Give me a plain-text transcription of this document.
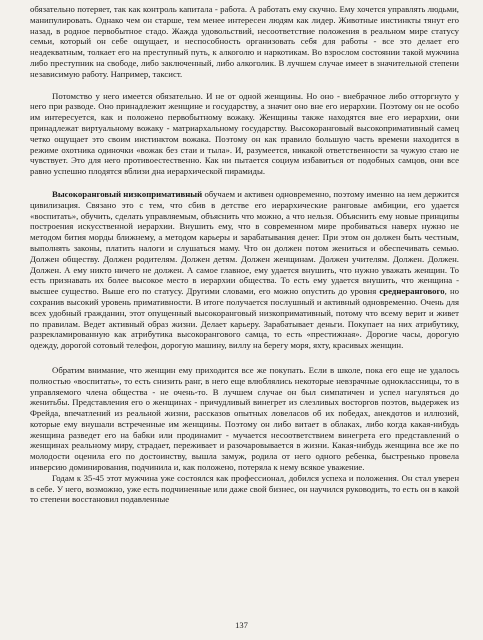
обязательно потеряет, так как контроль капитала - работа. А работать ему скучно. Ему хочется управлять людьми, манипулировать. Однако чем он старше, тем менее интересен людям как лидер. Животные инстинкты тянут его назад, в родное первобытное стадо. Жажда удовольствий, несоответствие положения в реальном мире статусу семьи, который он себе ощущает, и неспособность организовать себя для работы - все это делает его неадекватным, толкает его на преступный путь, к алкоголю и наркотикам. Во взрослом состоянии такой мужчина либо преступник на свободе, либо заключенный, либо алкоголик. В лучшем случае имеет в значительной степени независимую работу. Например, таксист.

Потомство у него имеется обязательно. И не от одной женщины. Но оно - внебрачное либо отторгнуто у него при разводе. Оно принадлежит женщине и государству, а значит оно вне его иерархии. Поэтому он не особо им интересуется, как и положено первобытному вожаку. Женщины также находятся вне его иерархии, они принадлежат виртуальному вожаку - матриархальному государству. Высокоранговый высокопримативный самец четко ощущает это своим инстинктом вожака. Поэтому он как правило большую часть времени находится в режиме охотника одиночки «вожак без стаи и тыла». И, разумеется, никакой ответственности за чужую стаю не чувствует. Это для него противоестественно. Как ни пытается социум избавиться от подобных самцов, они все равно успешно плодятся вблизи дна иерархической пирамиды.

Высокоранговый низкопримативный обучаем и активен одновременно, поэтому именно на нем держится цивилизация. Связано это с тем, что сбив в детстве его иерархические ранговые амбиции, его удается «воспитать», обучить, сделать управляемым, объяснить что можно, а что нельзя. Объяснить ему новые принципы построения искусственной иерархии. Внушить ему, что в современном мире пробиваться наверх нужно не методом бития морды ближнему, а методом карьеры и зарабатывания денег. При этом он должен быть честным, выполнять законы, платить налоги и слушаться маму. Что он должен потом жениться и обеспечивать семью. Должен обществу. Должен родителям. Должен детям. Должен женщинам. Должен учителям. Должен. Должен. Должен. А ему никто ничего не должен. А самое главное, ему удается внушить, что нужно уважать женщин. То есть признавать их более высокое место в иерархии общества. То есть ему удается внушить, что женщина - высшее существо. Выше его по статусу. Другими словами, его можно опустить до уровня среднерангового, но сохранив высокий уровень примативности. В итоге получается послушный и активный одновременно. Очень для всех удобный гражданин, этот опущенный высокоранговый низкопримативный, потому что всему верит и живет по правилам. Ведет активный образ жизни. Делает карьеру. Зарабатывает деньги. Покупает на них атрибутику, разрекламированную как атрибутика высокорангового самца, то есть «престижная». Дорогие часы, дорогую одежду, дорогой сотовый телефон, дорогую машину, виллу на берегу моря, яхту, красивых женщин.

Обратим внимание, что женщин ему приходится все же покупать. Если в школе, пока его еще не удалось полностью «воспитать», то есть снизить ранг, в него еще влюблялись некоторые невзрачные одноклассницы, то в управляемого члена общества - не очень-то. В лучшем случае он был симпатичен и успел нагуляться до женитьбы. Представления его о женщинах - причудливый винегрет из слезливых восторгов поэтов, выдержек из Фрейда, впечатлений из реальной жизни, рассказов опытных ловеласов об их победах, анекдотов и иллюзий, которые ему внушали встреченные им женщины. Поэтому он либо витает в облаках, либо когда какая-нибудь женщина разведет его на бабки или продинамит - мучается несоответствием винегрета его представлений о женщинах реальному миру, страдает, переживает и разочаровывается в жизни. Какая-нибудь женщина все же по молодости оценила его по достоинству, вышла замуж, родила от него одного ребенка, быстренько провела инверсию доминирования, подчинила и, как положено, потеряла к нему всякое уважение.

Годам к 35-45 этот мужчина уже состоялся как профессионал, добился успеха и положения. Он стал уверен в себе. У него, возможно, уже есть подчиненные или даже свой бизнес, он научился руководить, то есть он в какой то степени восстановил подавленные

137
